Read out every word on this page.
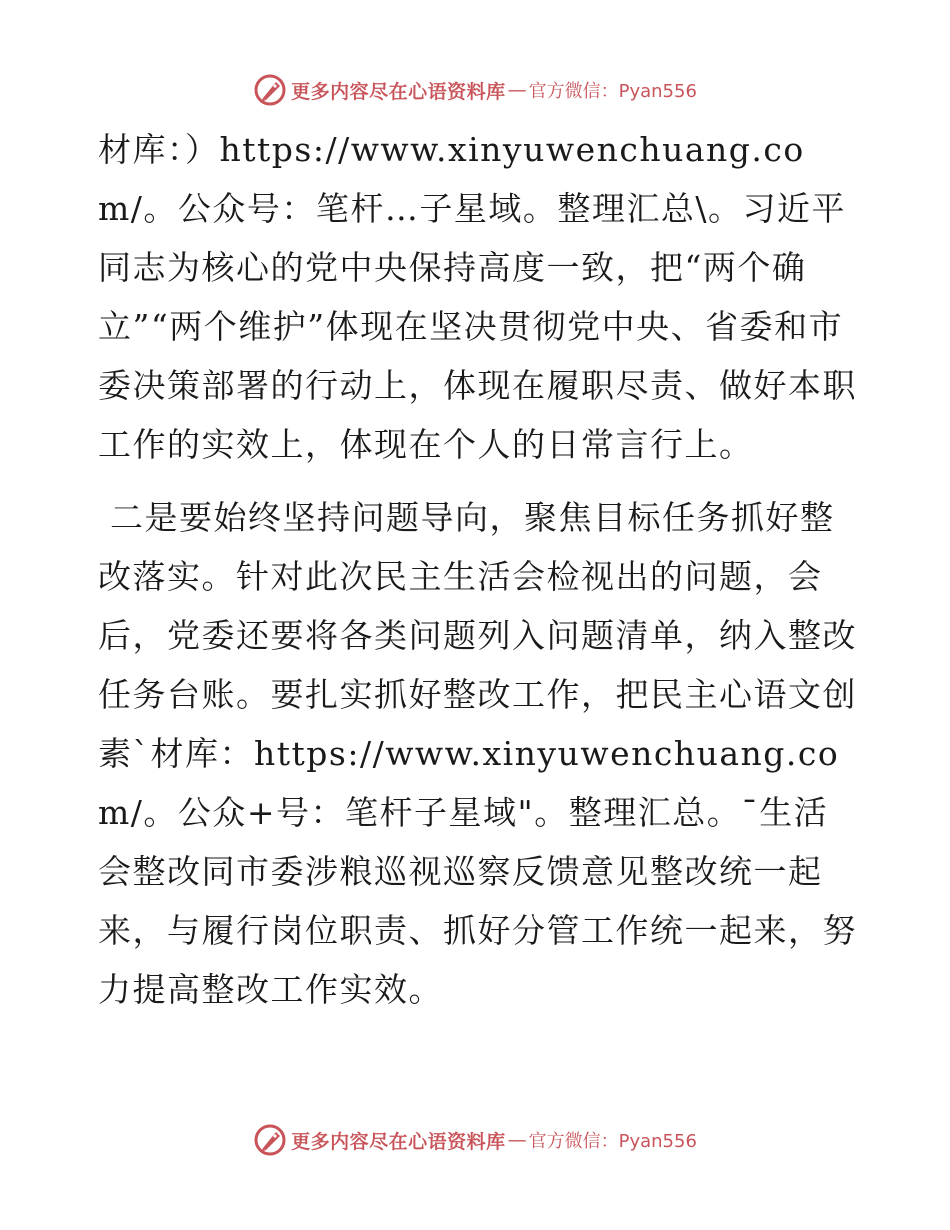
更多内容尽在心语资料库 — 官方微信：Pyan556

材库：）https://www.xinyuwenchuang.com/。公众号：笔杆…子星域。整理汇总\。习近平同志为核心的党中央保持高度一致，把“两个确立”“两个维护”体现在坚决贯彻党中央、省委和市委决策部署的行动上，体现在履职尽责、做好本职工作的实效上，体现在个人的日常言行上。

二是要始终坚持问题导向，聚焦目标任务抓好整改落实。针对此次民主生活会检视出的问题，会后，党委还要将各类问题列入问题清单，纳入整改任务台账。要扎实抓好整改工作，把民主心语文创素`材库：https://www.xinyuwenchuang.com/。公众+号：笔杆子星域"。整理汇总。¯生活会整改同市委涉粮巡视巡察反馈意见整改统一起来，与履行岗位职责、抓好分管工作统一起来，努力提高整改工作实效。

更多内容尽在心语资料库 — 官方微信：Pyan556
